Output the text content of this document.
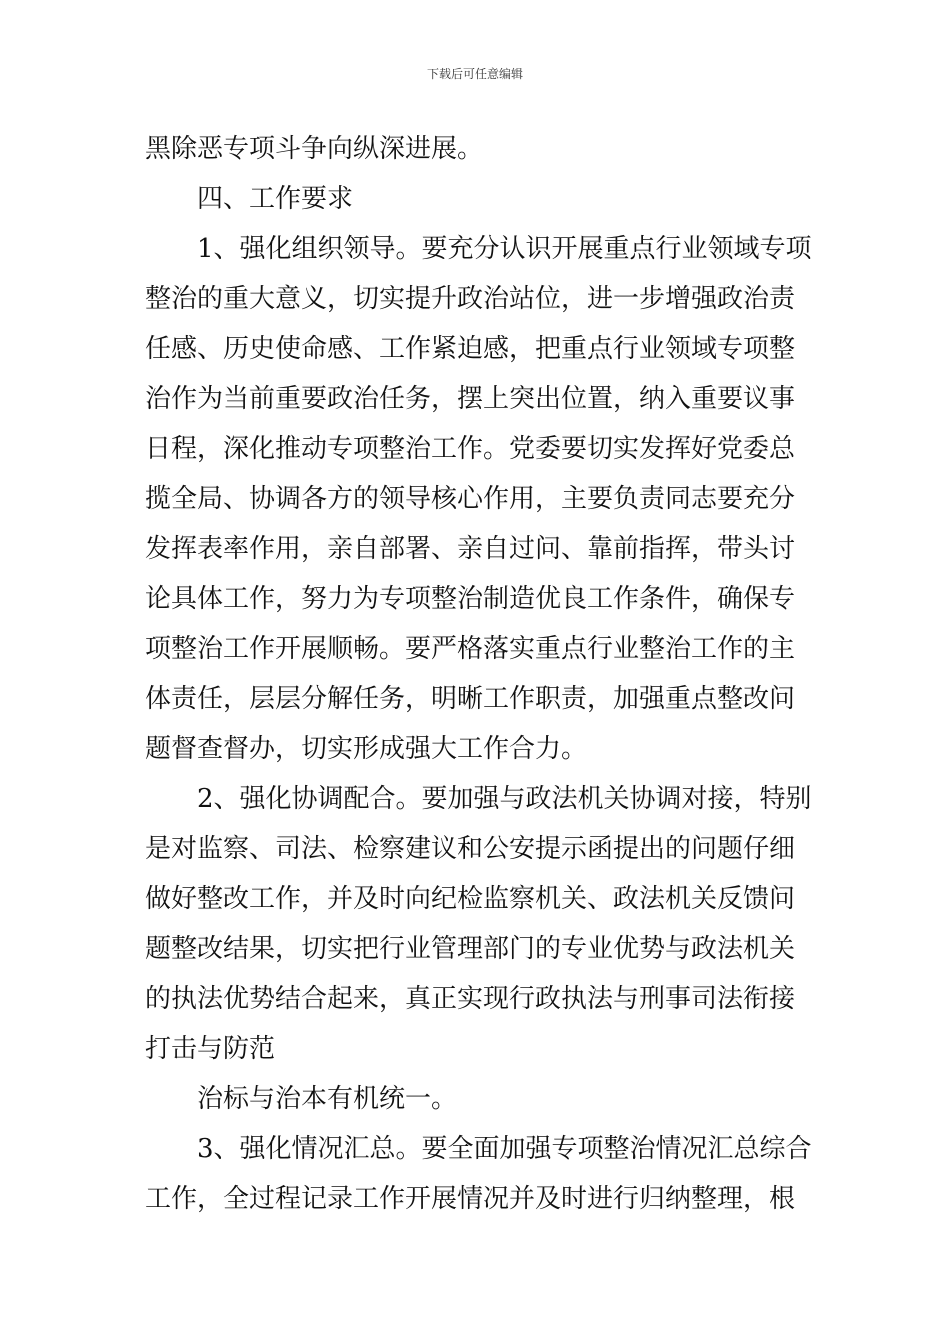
下载后可任意编辑
黑除恶专项斗争向纵深进展。
四、工作要求
1、强化组织领导。要充分认识开展重点行业领域专项
整治的重大意义，切实提升政治站位，进一步增强政治责
任感、历史使命感、工作紧迫感，把重点行业领域专项整
治作为当前重要政治任务，摆上突出位置，纳入重要议事
日程，深化推动专项整治工作。党委要切实发挥好党委总
揽全局、协调各方的领导核心作用，主要负责同志要充分
发挥表率作用，亲自部署、亲自过问、靠前指挥，带头讨
论具体工作，努力为专项整治制造优良工作条件，确保专
项整治工作开展顺畅。要严格落实重点行业整治工作的主
体责任，层层分解任务，明晰工作职责，加强重点整改问
题督查督办，切实形成强大工作合力。
2、强化协调配合。要加强与政法机关协调对接，特别
是对监察、司法、检察建议和公安提示函提出的问题仔细
做好整改工作，并及时向纪检监察机关、政法机关反馈问
题整改结果，切实把行业管理部门的专业优势与政法机关
的执法优势结合起来，真正实现行政执法与刑事司法衔接
打击与防范
治标与治本有机统一。
3、强化情况汇总。要全面加强专项整治情况汇总综合
工作，全过程记录工作开展情况并及时进行归纳整理，根
